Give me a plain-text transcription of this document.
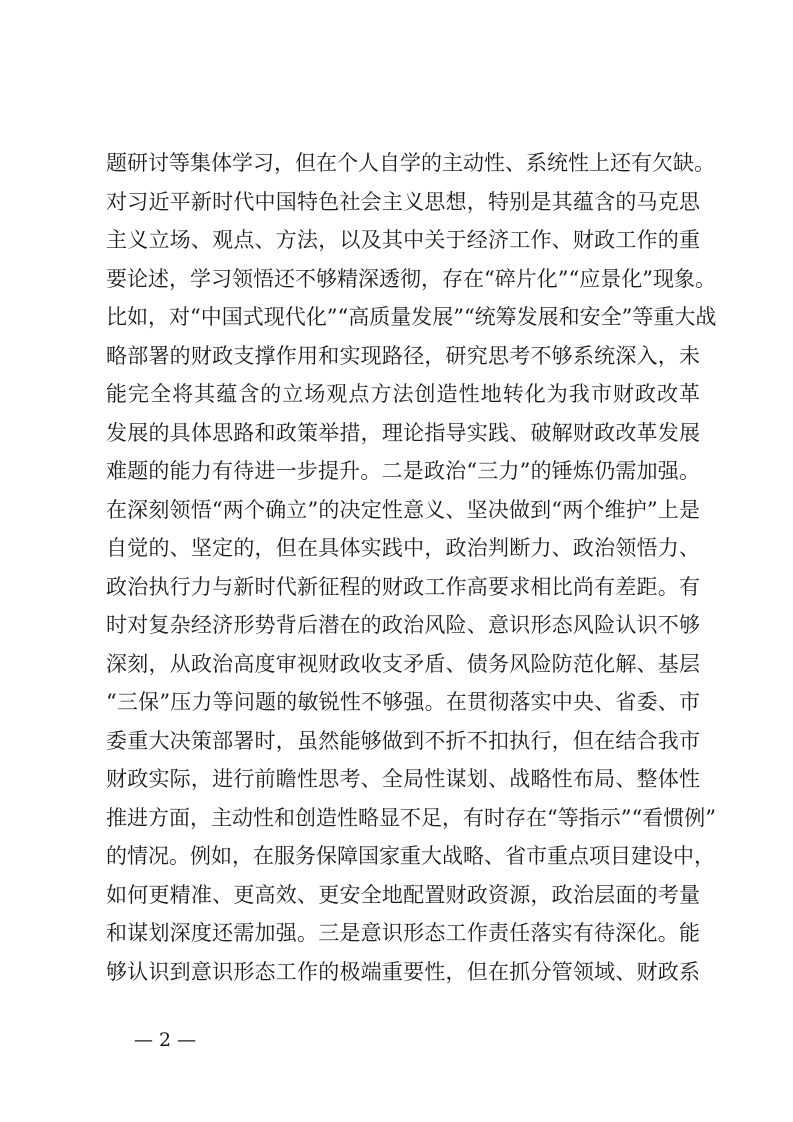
题研讨等集体学习，但在个人自学的主动性、系统性上还有欠缺。
对习近平新时代中国特色社会主义思想，特别是其蕴含的马克思
主义立场、观点、方法，以及其中关于经济工作、财政工作的重
要论述，学习领悟还不够精深透彻，存在“碎片化”“应景化”现象。
比如，对“中国式现代化”“高质量发展”“统筹发展和安全”等重大战
略部署的财政支撑作用和实现路径，研究思考不够系统深入，未
能完全将其蕴含的立场观点方法创造性地转化为我市财政改革
发展的具体思路和政策举措，理论指导实践、破解财政改革发展
难题的能力有待进一步提升。二是政治“三力”的锤炼仍需加强。
在深刻领悟“两个确立”的决定性意义、坚决做到“两个维护”上是
自觉的、坚定的，但在具体实践中，政治判断力、政治领悟力、
政治执行力与新时代新征程的财政工作高要求相比尚有差距。有
时对复杂经济形势背后潜在的政治风险、意识形态风险认识不够
深刻，从政治高度审视财政收支矛盾、债务风险防范化解、基层
“三保”压力等问题的敏锐性不够强。在贯彻落实中央、省委、市
委重大决策部署时，虽然能够做到不折不扣执行，但在结合我市
财政实际，进行前瞻性思考、全局性谋划、战略性布局、整体性
推进方面，主动性和创造性略显不足，有时存在“等指示”“看惯例”
的情况。例如，在服务保障国家重大战略、省市重点项目建设中，
如何更精准、更高效、更安全地配置财政资源，政治层面的考量
和谋划深度还需加强。三是意识形态工作责任落实有待深化。能
够认识到意识形态工作的极端重要性，但在抓分管领域、财政系
— 2 —
